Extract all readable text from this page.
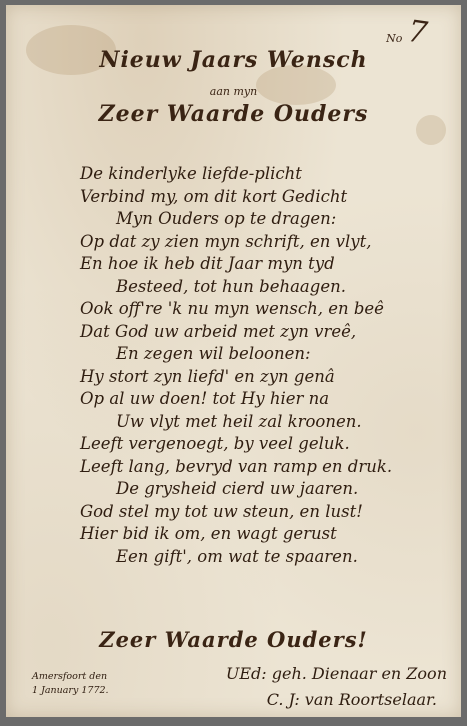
No 7
Nieuw Jaars Wensch
aan myn
Zeer Waarde Ouders
De kinderlyke liefde-plicht
Verbind my, om dit kort Gedicht
Myn Ouders op te dragen:
Op dat zy zien myn schrift, en vlyt,
En hoe ik heb dit Jaar myn tyd
Besteed, tot hun behaagen.
Ook off're 'k nu myn wensch, en beê
Dat God uw arbeid met zyn vreê,
En zegen wil beloonen:
Hy stort zyn liefd' en zyn genâ
Op al uw doen! tot Hy hier na
Uw vlyt met heil zal kroonen.
Leeft vergenoegt, by veel geluk.
Leeft lang, bevryd van ramp en druk.
De grysheid cierd uw jaaren.
God stel my tot uw steun, en lust!
Hier bid ik om, en wagt gerust
Een gift', om wat te spaaren.
Zeer Waarde Ouders!
Amersfoort den
1 January 1772.
UEd: geh. Dienaar en Zoon
C. J: van Roortselaar.
